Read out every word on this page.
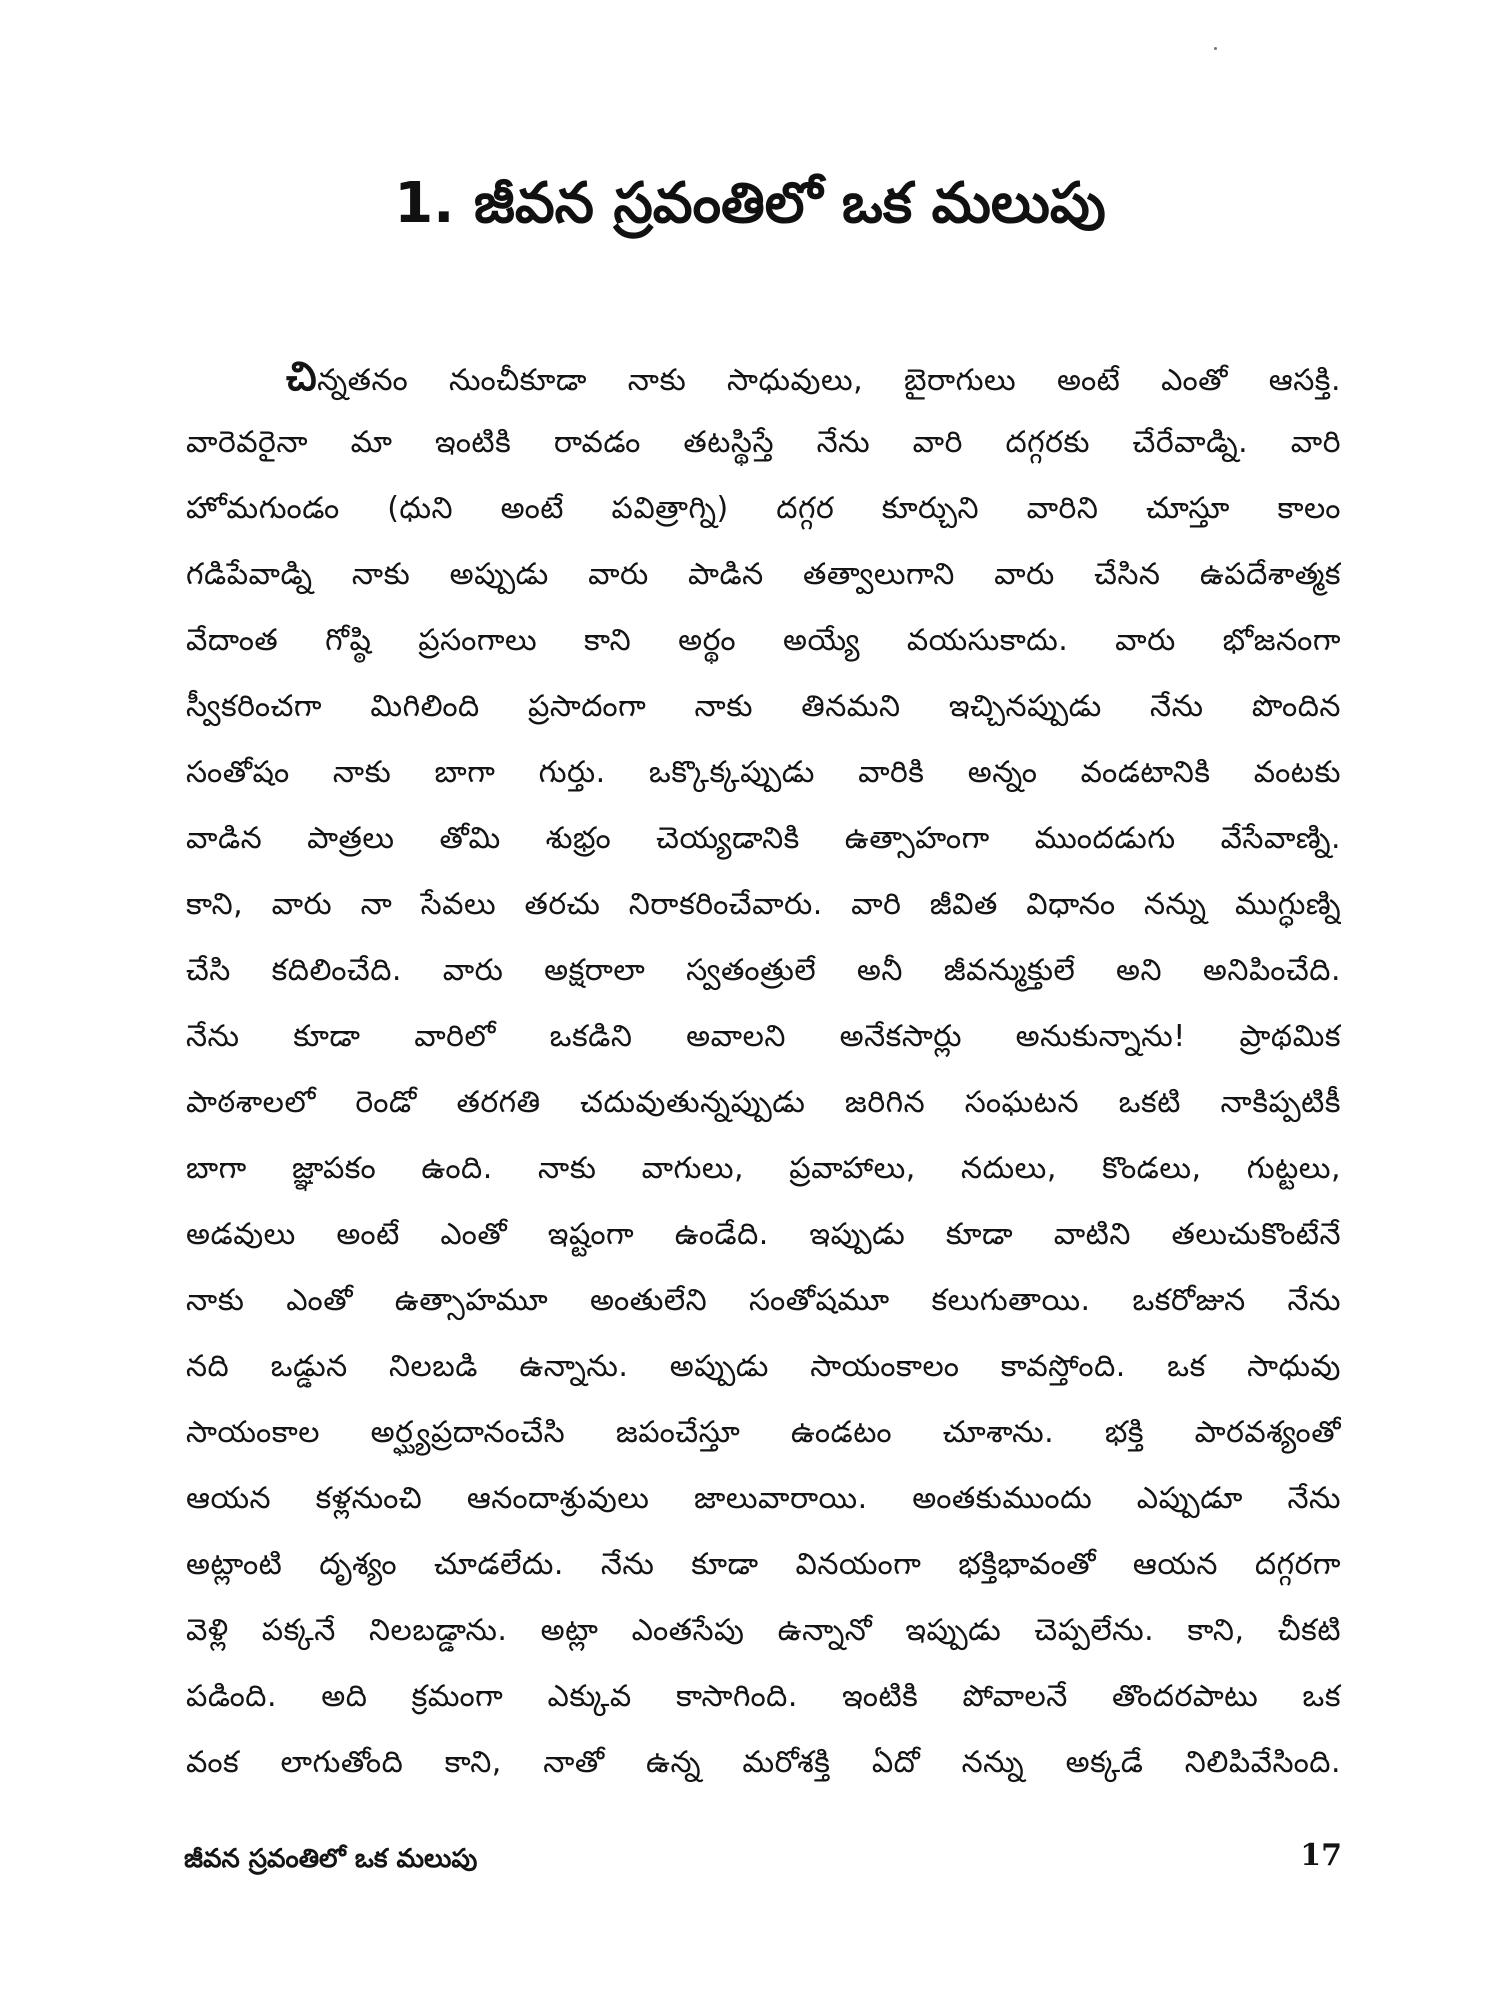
1. జీవన స్రవంతిలో ఒక మలుపు
చిన్నతనం నుంచీకూడా నాకు సాధువులు, బైరాగులు అంటే ఎంతో ఆసక్తి.
వారెవరైనా మా ఇంటికి రావడం తటస్థిస్తే నేను వారి దగ్గరకు చేరేవాడ్ని. వారి
హోమగుండం (ధుని అంటే పవిత్రాగ్ని) దగ్గర కూర్చుని వారిని చూస్తూ కాలం
గడిపేవాడ్ని నాకు అప్పుడు వారు పాడిన తత్వాలుగాని వారు చేసిన ఉపదేశాత్మక
వేదాంత గోష్ఠి ప్రసంగాలు కాని అర్థం అయ్యే వయసుకాదు. వారు భోజనంగా
స్వీకరించగా మిగిలింది ప్రసాదంగా నాకు తినమని ఇచ్చినప్పుడు నేను పొందిన
సంతోషం నాకు బాగా గుర్తు. ఒక్కొక్కప్పుడు వారికి అన్నం వండటానికి వంటకు
వాడిన పాత్రలు తోమి శుభ్రం చెయ్యడానికి ఉత్సాహంగా ముందడుగు వేసేవాణ్ని.
కాని, వారు నా సేవలు తరచు నిరాకరించేవారు. వారి జీవిత విధానం నన్ను ముగ్ధుణ్ని
చేసి కదిలించేది. వారు అక్షరాలా స్వతంత్రులే అనీ జీవన్ముక్తులే అని అనిపించేది.
నేను కూడా వారిలో ఒకడిని అవాలని అనేకసార్లు అనుకున్నాను! ప్రాథమిక
పాఠశాలలో రెండో తరగతి చదువుతున్నప్పుడు జరిగిన సంఘటన ఒకటి నాకిప్పటికీ
బాగా జ్ఞాపకం ఉంది. నాకు వాగులు, ప్రవాహాలు, నదులు, కొండలు, గుట్టలు,
అడవులు అంటే ఎంతో ఇష్టంగా ఉండేది. ఇప్పుడు కూడా వాటిని తలుచుకొంటేనే
నాకు ఎంతో ఉత్సాహమూ అంతులేని సంతోషమూ కలుగుతాయి. ఒకరోజున నేను
నది ఒడ్డున నిలబడి ఉన్నాను. అప్పుడు సాయంకాలం కావస్తోంది. ఒక సాధువు
సాయంకాల అర్ఘ్యప్రదానంచేసి జపంచేస్తూ ఉండటం చూశాను. భక్తి పారవశ్యంతో
ఆయన కళ్లనుంచి ఆనందాశ్రువులు జాలువారాయి. అంతకుముందు ఎప్పుడూ నేను
అట్లాంటి దృశ్యం చూడలేదు. నేను కూడా వినయంగా భక్తిభావంతో ఆయన దగ్గరగా
వెళ్లి పక్కనే నిలబడ్డాను. అట్లా ఎంతసేపు ఉన్నానో ఇప్పుడు చెప్పలేను. కాని, చీకటి
పడింది. అది క్రమంగా ఎక్కువ కాసాగింది. ఇంటికి పోవాలనే తొందరపాటు ఒక
వంక లాగుతోంది కాని, నాతో ఉన్న మరోశక్తి ఏదో నన్ను అక్కడే నిలిపివేసింది.
జీవన స్రవంతిలో ఒక మలుపు	17
